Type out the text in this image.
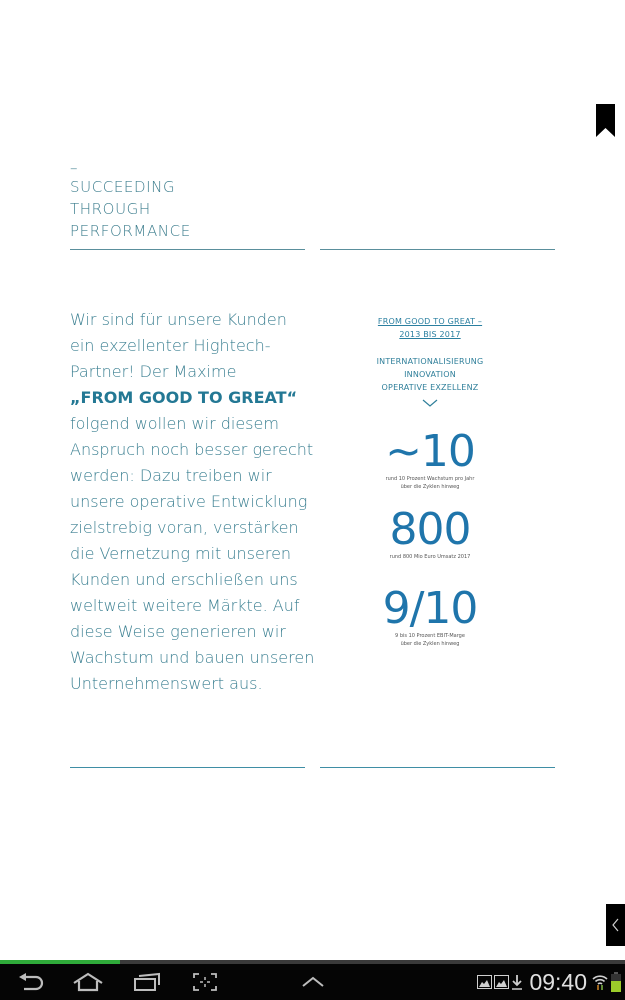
–
SUCCEEDING
THROUGH
PERFORMANCE
Wir sind für unsere Kunden
ein exzellenter Hightech-
Partner! Der Maxime
„FROM GOOD TO GREAT“
folgend wollen wir diesem
Anspruch noch besser gerecht
werden: Dazu treiben wir
unsere operative Entwicklung
zielstrebig voran, verstärken
die Vernetzung mit unseren
Kunden und erschließen uns
weltweit weitere Märkte. Auf
diese Weise generieren wir
Wachstum und bauen unseren
Unternehmenswert aus.
FROM GOOD TO GREAT –
2013 BIS 2017
INTERNATIONALISIERUNG
INNOVATION
OPERATIVE EXZELLENZ
~10
rund 10 Prozent Wachstum pro Jahr
über die Zyklen hinweg
800
rund 800 Mio Euro Umsatz 2017
9/10
9 bis 10 Prozent EBIT-Marge
über die Zyklen hinweg
09:40
